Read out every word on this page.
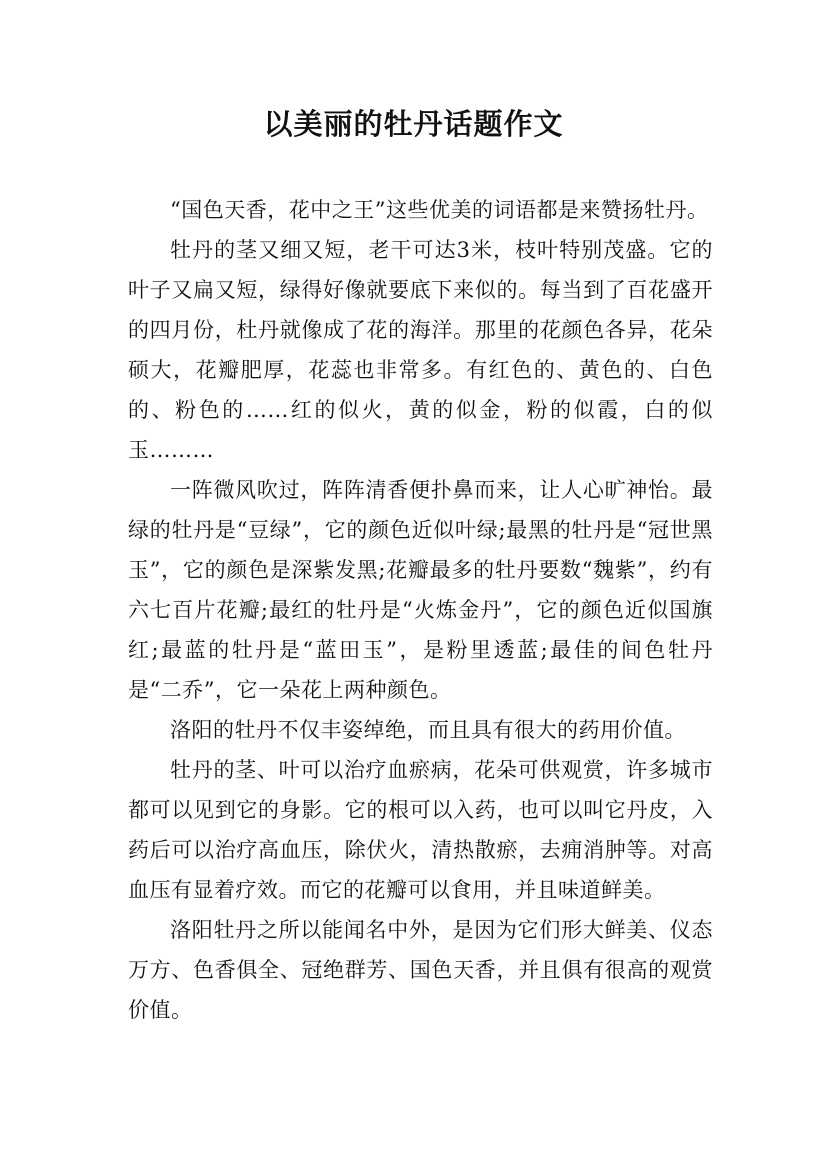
以美丽的牡丹话题作文

“国色天香，花中之王”这些优美的词语都是来赞扬牡丹。

牡丹的茎又细又短，老干可达3米，枝叶特别茂盛。它的叶子又扁又短，绿得好像就要底下来似的。每当到了百花盛开的四月份，杜丹就像成了花的海洋。那里的花颜色各异，花朵硕大，花瓣肥厚，花蕊也非常多。有红色的、黄色的、白色的、粉色的……红的似火，黄的似金，粉的似霞，白的似玉………

一阵微风吹过，阵阵清香便扑鼻而来，让人心旷神怡。最绿的牡丹是“豆绿”，它的颜色近似叶绿;最黑的牡丹是“冠世黑玉”，它的颜色是深紫发黑;花瓣最多的牡丹要数“魏紫”，约有六七百片花瓣;最红的牡丹是“火炼金丹”，它的颜色近似国旗红;最蓝的牡丹是“蓝田玉”，是粉里透蓝;最佳的间色牡丹是“二乔”，它一朵花上两种颜色。

洛阳的牡丹不仅丰姿绰绝，而且具有很大的药用价值。

牡丹的茎、叶可以治疗血瘀病，花朵可供观赏，许多城市都可以见到它的身影。它的根可以入药，也可以叫它丹皮，入药后可以治疗高血压，除伏火，清热散瘀，去痈消肿等。对高血压有显着疗效。而它的花瓣可以食用，并且味道鲜美。

洛阳牡丹之所以能闻名中外，是因为它们形大鲜美、仪态万方、色香俱全、冠绝群芳、国色天香，并且俱有很高的观赏价值。
